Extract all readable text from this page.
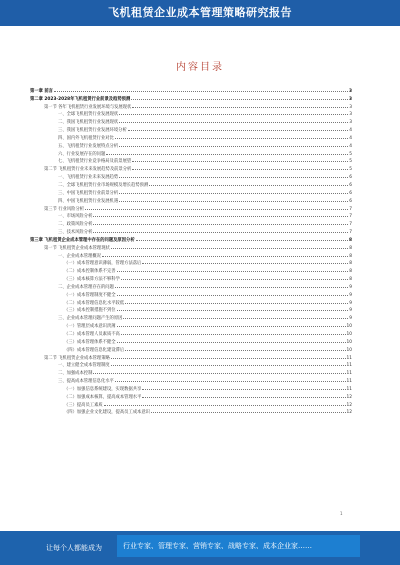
飞机租赁企业成本管理策略研究报告
内容目录
第一章 前言	3
第二章 2023-2028年飞机租赁行业前景及趋势预测	3
第一节 各年飞机租赁行业发展环境与发展现状	3
一、全球飞机租赁行业发展现状	3
二、我国飞机租赁行业发展现状	3
三、我国飞机租赁行业发展环境分析	4
四、国内外飞机租赁行业对比	4
五、飞机租赁行业发展特点分析	4
六、行业发展存在的问题	5
七、飞机租赁行业竞争格局及前景展望	5
第二节 飞机租赁行业未来发展趋势及前景分析	5
一、飞机租赁行业未来发展趋势	6
二、全球飞机租赁行业市场规模及增长趋势预测	6
三、中国飞机租赁行业前景分析	6
四、中国飞机租赁行业发展机遇	6
第三节 行业风险分析	7
一、市场风险分析	7
二、政策风险分析	7
三、技术风险分析	7
第三章 飞机租赁企业成本管理中存在的问题及原因分析	8
第一节 飞机租赁企业成本管理现状	8
一、企业成本管理概况	8
（一）成本管理意识薄弱，管理方法落后	8
（二）成本控制体系不完善	8
（三）成本核算方法不够科学	8
二、企业成本管理存在的问题	9
（一）成本管理制度不健全	9
（二）成本管理信息化水平较低	9
（三）成本控制措施不到位	9
三、企业成本管理问题产生的原因	9
（一）管理层成本意识淡薄	10
（二）成本管理人员素质不高	10
（三）成本管理体系不健全	10
（四）成本管理信息化建设滞后	10
第二节 飞机租赁企业成本管理策略	11
一、建立健全成本管理制度	11
二、加强成本控制	11
三、提高成本管理信息化水平	11
（一）加强信息系统建设，实现数据共享	11
（二）加强成本核算，提高成本管理水平	12
（三）提高员工素质	12
（四）加强企业文化建设，提高员工成本意识	12
1
让每个人都能成为	行业专家、管理专家、营销专家、战略专家、成本企业家……
